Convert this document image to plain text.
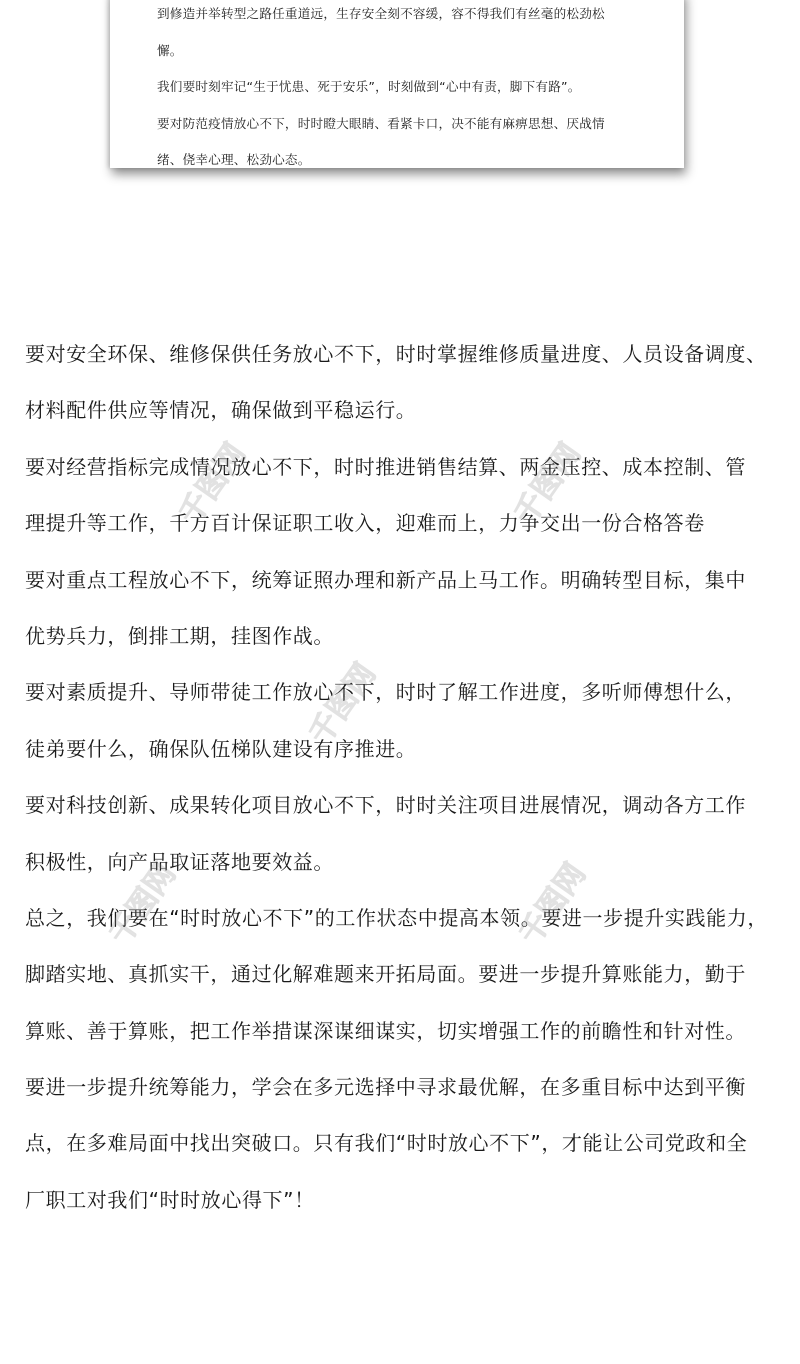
到修造并举转型之路任重道远，生存安全刻不容缓，容不得我们有丝毫的松劲松
懈。
我们要时刻牢记“生于忧患、死于安乐”，时刻做到“心中有责，脚下有路”。
要对防范疫情放心不下，时时瞪大眼睛、看紧卡口，决不能有麻痹思想、厌战情
绪、侥幸心理、松劲心态。
要对安全环保、维修保供任务放心不下，时时掌握维修质量进度、人员设备调度、
材料配件供应等情况，确保做到平稳运行。
要对经营指标完成情况放心不下，时时推进销售结算、两金压控、成本控制、管
理提升等工作，千方百计保证职工收入，迎难而上，力争交出一份合格答卷
要对重点工程放心不下，统筹证照办理和新产品上马工作。明确转型目标，集中
优势兵力，倒排工期，挂图作战。
要对素质提升、导师带徒工作放心不下，时时了解工作进度，多听师傅想什么，
徒弟要什么，确保队伍梯队建设有序推进。
要对科技创新、成果转化项目放心不下，时时关注项目进展情况，调动各方工作
积极性，向产品取证落地要效益。
总之，我们要在“时时放心不下”的工作状态中提高本领。要进一步提升实践能力，
脚踏实地、真抓实干，通过化解难题来开拓局面。要进一步提升算账能力，勤于
算账、善于算账，把工作举措谋深谋细谋实，切实增强工作的前瞻性和针对性。
要进一步提升统筹能力，学会在多元选择中寻求最优解，在多重目标中达到平衡
点，在多难局面中找出突破口。只有我们“时时放心不下”，才能让公司党政和全
厂职工对我们“时时放心得下”！
千图网	千图网
千图网
千图网	千图网
